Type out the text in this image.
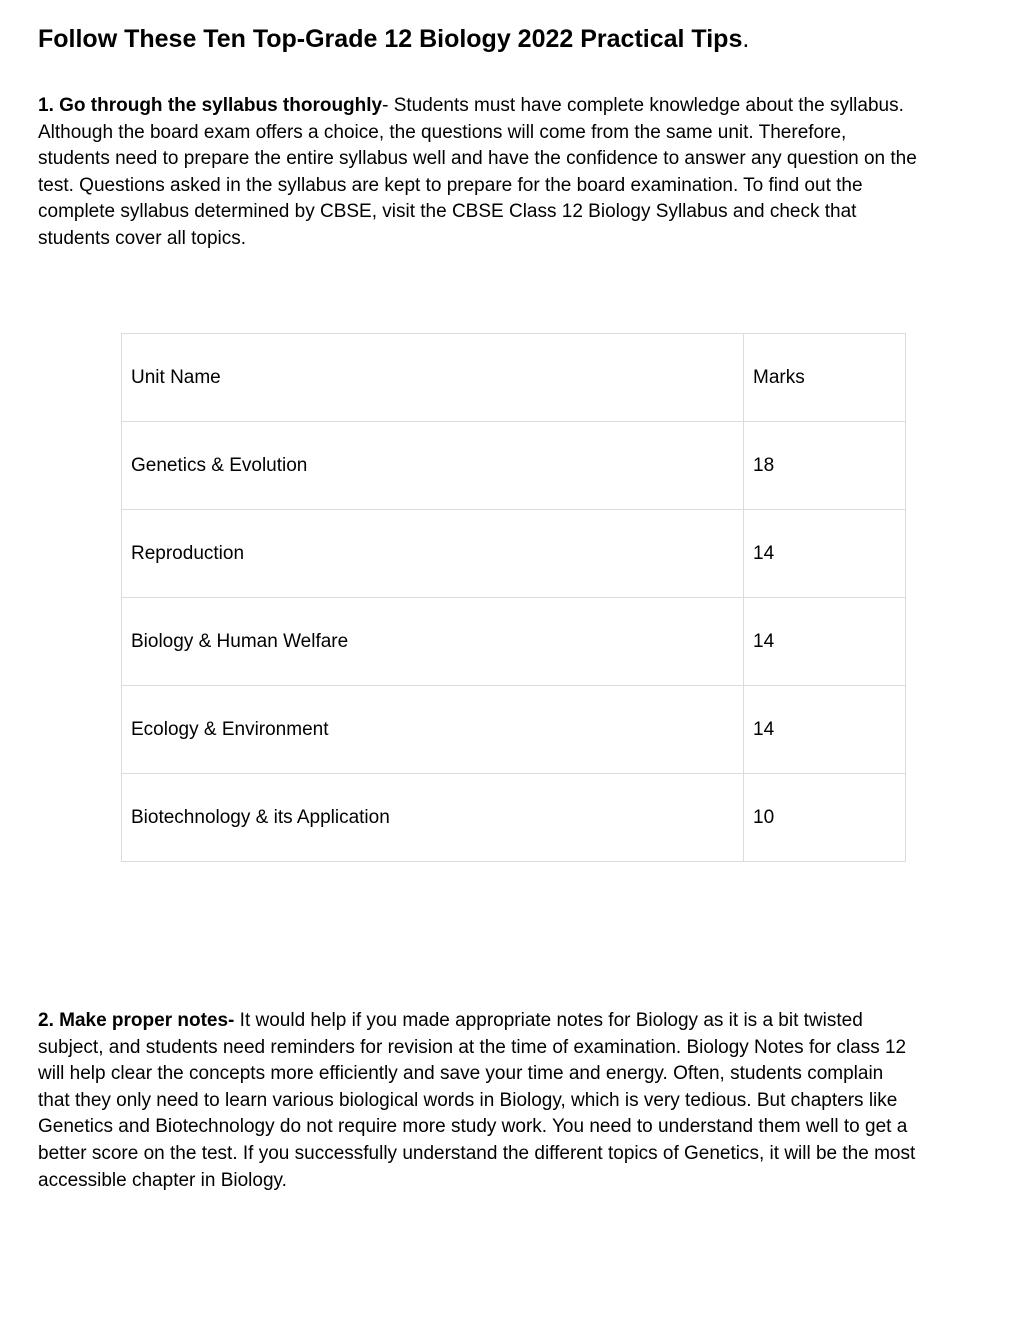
Follow These Ten Top-Grade 12 Biology 2022 Practical Tips.

1. Go through the syllabus thoroughly- Students must have complete knowledge about the syllabus. Although the board exam offers a choice, the questions will come from the same unit. Therefore, students need to prepare the entire syllabus well and have the confidence to answer any question on the test. Questions asked in the syllabus are kept to prepare for the board examination. To find out the complete syllabus determined by CBSE, visit the CBSE Class 12 Biology Syllabus and check that students cover all topics.

Unit Name	Marks
Genetics & Evolution	18
Reproduction	14
Biology & Human Welfare	14
Ecology & Environment	14
Biotechnology & its Application	10

2. Make proper notes- It would help if you made appropriate notes for Biology as it is a bit twisted subject, and students need reminders for revision at the time of examination. Biology Notes for class 12 will help clear the concepts more efficiently and save your time and energy. Often, students complain that they only need to learn various biological words in Biology, which is very tedious. But chapters like Genetics and Biotechnology do not require more study work. You need to understand them well to get a better score on the test. If you successfully understand the different topics of Genetics, it will be the most accessible chapter in Biology.
